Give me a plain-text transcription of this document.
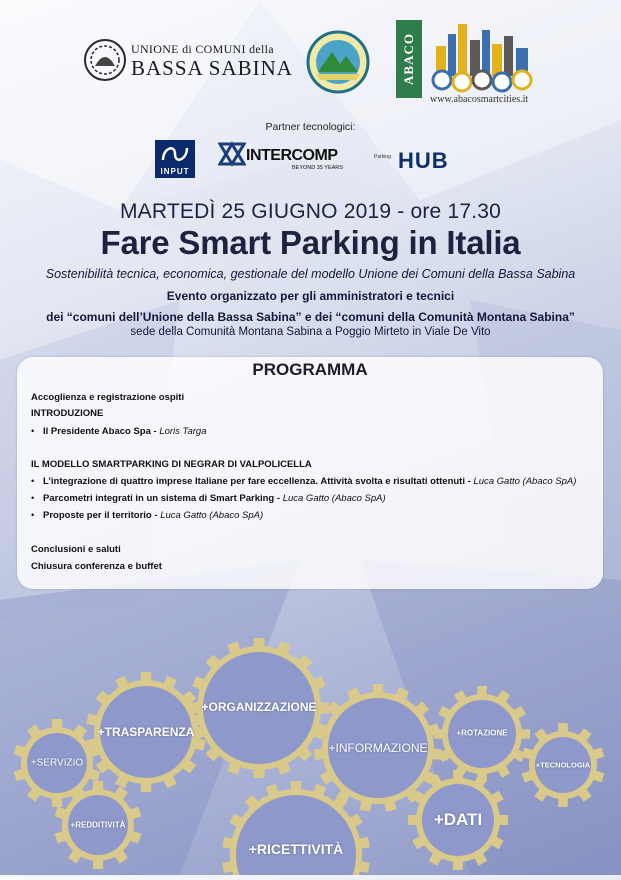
UNIONE di COMUNI della
BASSA SABINA	ABACO
www.abacosmartcities.it
Partner tecnologici:
INPUT
INTERCOMP
BEYOND 35 YEARS
Parking HUB
MARTEDÌ 25 GIUGNO 2019 - ore 17.30
Fare Smart Parking in Italia
Sostenibilità tecnica, economica, gestionale del modello Unione dei Comuni della Bassa Sabina
Evento organizzato per gli amministratori e tecnici
dei “comuni dell’Unione della Bassa Sabina” e dei “comuni della Comunità Montana Sabina”
sede della Comunità Montana Sabina a Poggio Mirteto in Viale De Vito
PROGRAMMA
Accoglienza e registrazione ospiti
INTRODUZIONE
• Il Presidente Abaco Spa - Loris Targa
IL MODELLO SMARTPARKING DI NEGRAR DI VALPOLICELLA
• L’integrazione di quattro imprese Italiane per fare eccellenza. Attività svolta e risultati ottenuti - Luca Gatto (Abaco SpA)
• Parcometri integrati in un sistema di Smart Parking - Luca Gatto (Abaco SpA)
• Proposte per il territorio - Luca Gatto (Abaco SpA)
Conclusioni e saluti
Chiusura conferenza e buffet
+SERVIZIO
+TRASPARENZA
+ORGANIZZAZIONE
+INFORMAZIONE
+ROTAZIONE
+TECNOLOGIA
+REDDITIVITÀ
+RICETTIVITÀ
+DATI
